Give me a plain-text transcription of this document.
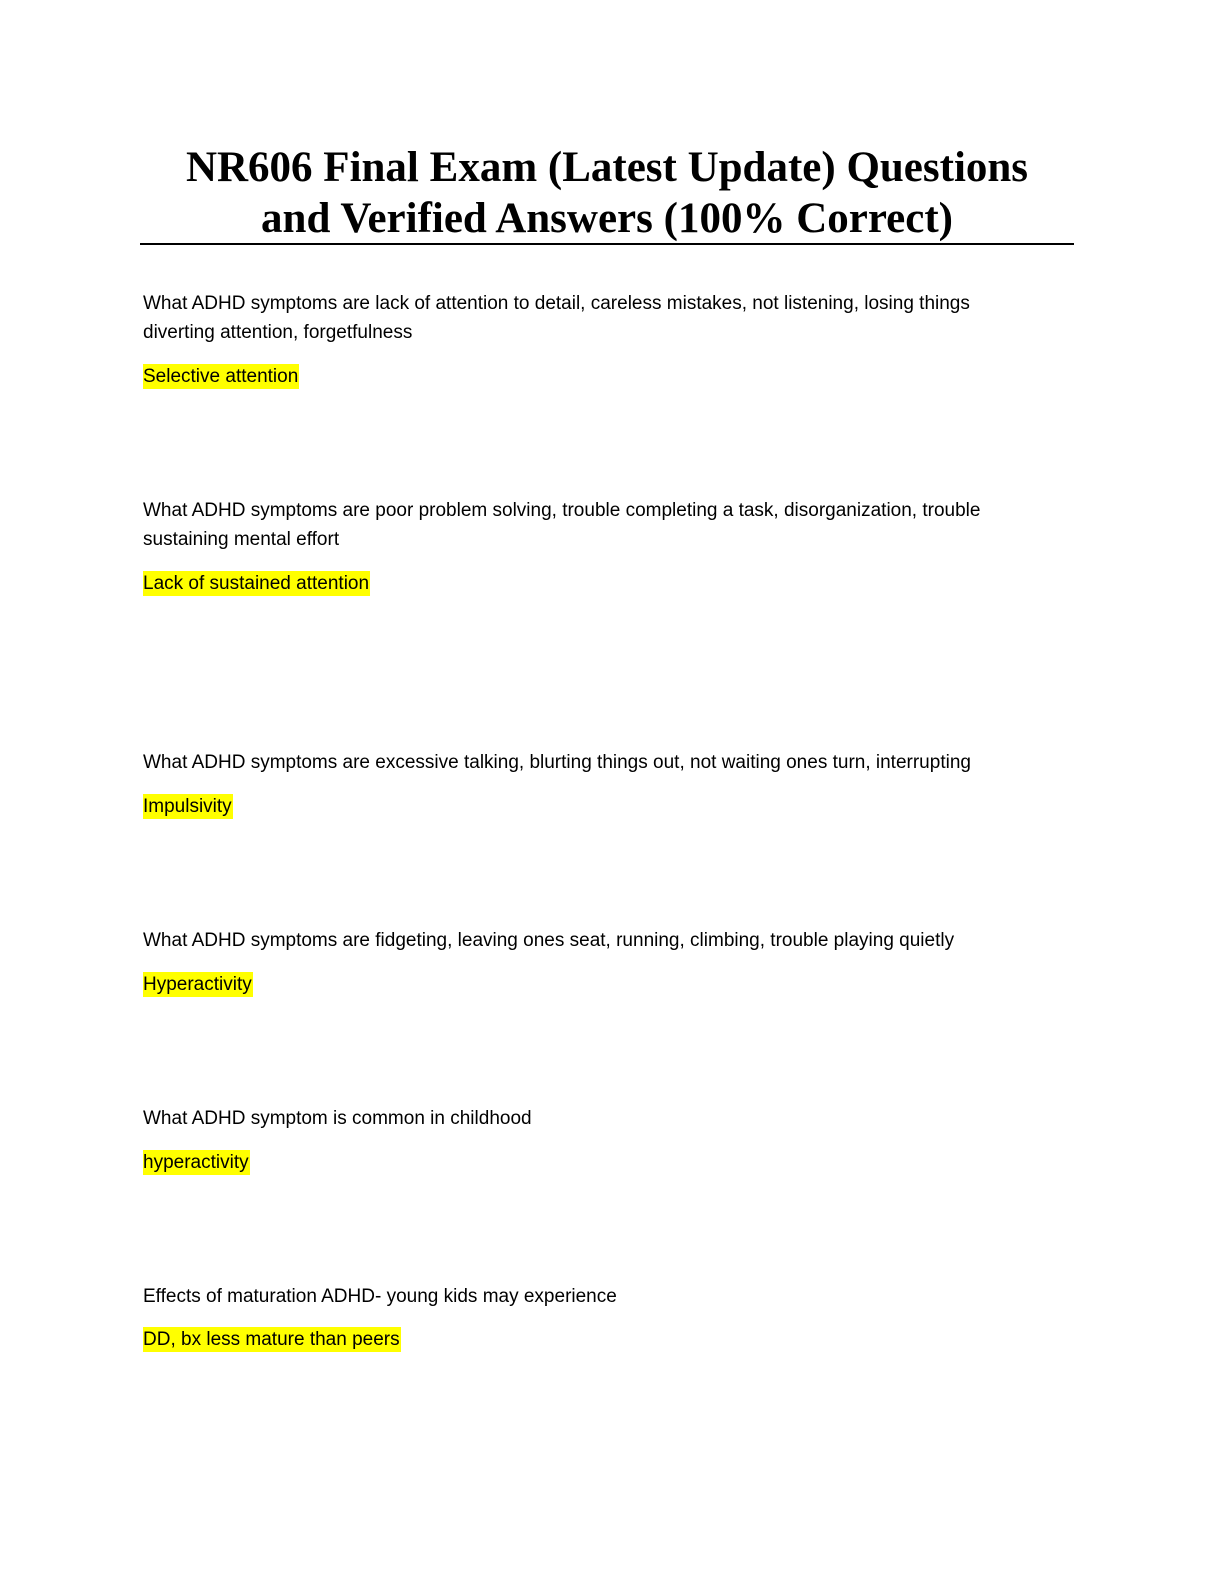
NR606 Final Exam (Latest Update) Questions
and Verified Answers (100% Correct)

What ADHD symptoms are lack of attention to detail, careless mistakes, not listening, losing things
diverting attention, forgetfulness

Selective attention

What ADHD symptoms are poor problem solving, trouble completing a task, disorganization, trouble
sustaining mental effort

Lack of sustained attention

What ADHD symptoms are excessive talking, blurting things out, not waiting ones turn, interrupting

Impulsivity

What ADHD symptoms are fidgeting, leaving ones seat, running, climbing, trouble playing quietly

Hyperactivity

What ADHD symptom is common in childhood

hyperactivity

Effects of maturation ADHD- young kids may experience

DD, bx less mature than peers
